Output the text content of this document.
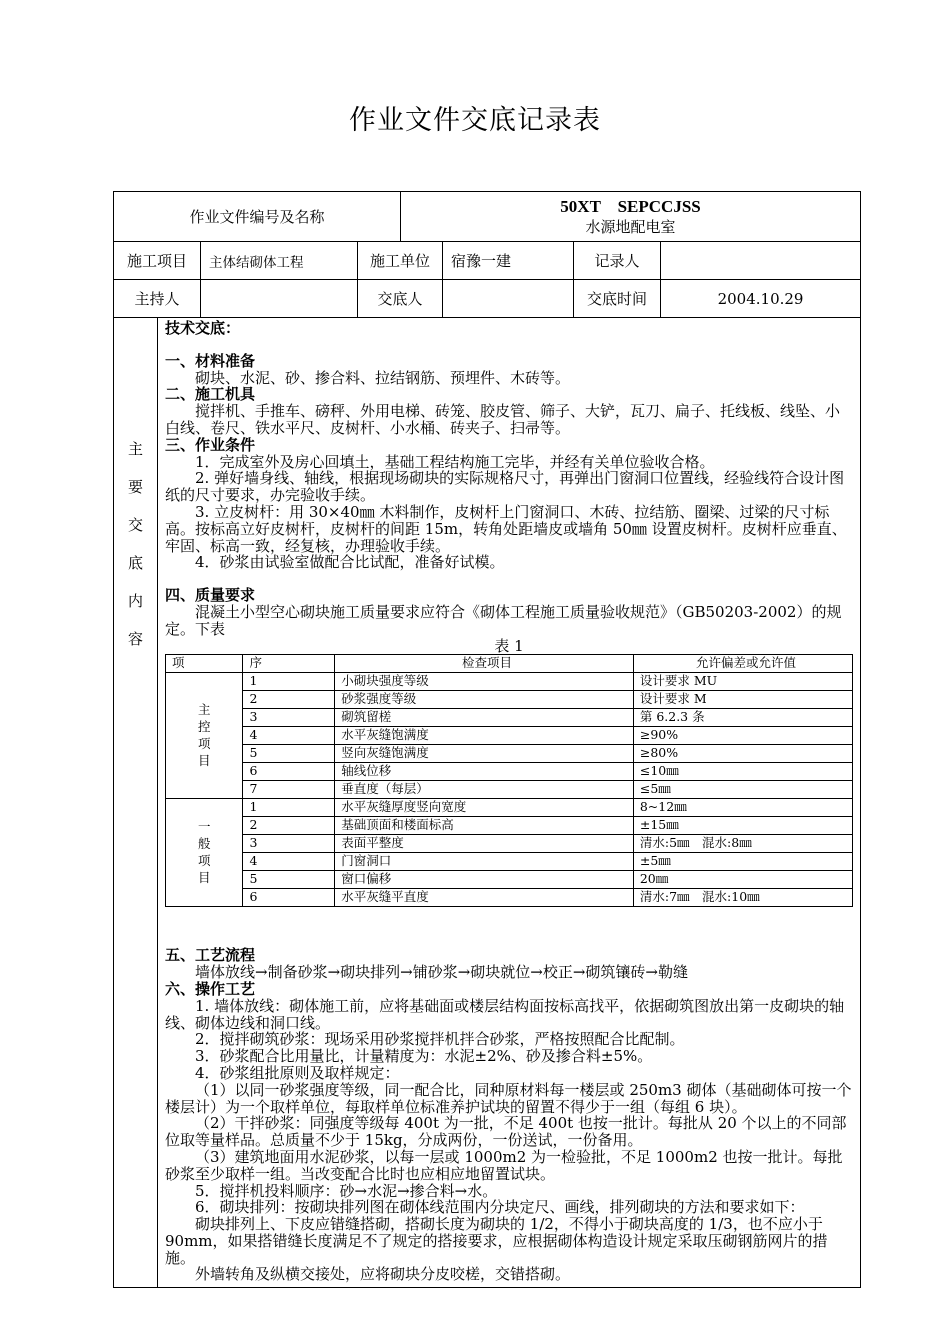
作业文件交底记录表
作业文件编号及名称	
50XT　SEPCCJSS
水源地配电室

施工项目	主体结砌体工程	施工单位	宿豫一建	记录人	
主持人		交底人		交底时间	2004.10.29

主
要
交
底
内
容

技术交底：

一、材料准备

砌块、水泥、砂、掺合料、拉结钢筋、预埋件、木砖等。

二、施工机具

搅拌机、手推车、磅秤、外用电梯、砖笼、胶皮管、筛子、大铲，瓦刀、扁子、托线板、线坠、小白线、卷尺、铁水平尺、皮树杆、小水桶、砖夹子、扫帚等。

三、作业条件

1．完成室外及房心回填土，基础工程结构施工完毕，并经有关单位验收合格。

2. 弹好墙身线、轴线，根据现场砌块的实际规格尺寸，再弹出门窗洞口位置线，经验线符合设计图纸的尺寸要求，办完验收手续。

3. 立皮树杆：用 30×40㎜ 木料制作，皮树杆上门窗洞口、木砖、拉结筋、圈梁、过梁的尺寸标高。按标高立好皮树杆，皮树杆的间距 15m，转角处距墙皮或墙角 50㎜ 设置皮树杆。皮树杆应垂直、牢固、标高一致，经复核，办理验收手续。

4．砂浆由试验室做配合比试配，准备好试模。

四、质量要求

混凝土小型空心砌块施工质量要求应符合《砌体工程施工质量验收规范》（GB50203-2002）的规定。下表

表 1

项	序	检查项目	允许偏差或允许值

主
控
项
目
	1	小砌块强度等级	设计要求 MU
2	砂浆强度等级	设计要求 M
3	砌筑留槎	第 6.2.3 条
4	水平灰缝饱满度	≥90%
5	竖向灰缝饱满度	≥80%
6	轴线位移	≤10㎜
7	垂直度（每层）	≤5㎜

一
般
项
目
	1	水平灰缝厚度竖向宽度	8~12㎜
2	基础顶面和楼面标高	±15㎜
3	表面平整度	清水:5㎜　混水:8㎜
4	门窗洞口	±5㎜
5	窗口偏移	20㎜
6	水平灰缝平直度	清水:7㎜　混水:10㎜

五、工艺流程

墙体放线→制备砂浆→砌块排列→铺砂浆→砌块就位→校正→砌筑镶砖→勒缝

六、操作工艺

1. 墙体放线：砌体施工前，应将基础面或楼层结构面按标高找平，依据砌筑图放出第一皮砌块的轴线、砌体边线和洞口线。

2．搅拌砌筑砂浆：现场采用砂浆搅拌机拌合砂浆，严格按照配合比配制。

3．砂浆配合比用量比，计量精度为：水泥±2%、砂及掺合料±5%。

4．砂浆组批原则及取样规定：

（1）以同一砂浆强度等级，同一配合比，同种原材料每一楼层或 250m3 砌体（基础砌体可按一个楼层计）为一个取样单位，每取样单位标准养护试块的留置不得少于一组（每组 6 块）。

（2）干拌砂浆：同强度等级每 400t 为一批，不足 400t 也按一批计。每批从 20 个以上的不同部位取等量样品。总质量不少于 15kg，分成两份，一份送试，一份备用。

（3）建筑地面用水泥砂浆，以每一层或 1000m2 为一检验批，不足 1000m2 也按一批计。每批砂浆至少取样一组。当改变配合比时也应相应地留置试块。

5．搅拌机投料顺序：砂→水泥→掺合料→水。

6．砌块排列：按砌块排列图在砌体线范围内分块定尺、画线，排列砌块的方法和要求如下：

砌块排列上、下皮应错缝搭砌，搭砌长度为砌块的 1/2，不得小于砌块高度的 1/3，也不应小于 90mm，如果搭错缝长度满足不了规定的搭接要求，应根据砌体构造设计规定采取压砌钢筋网片的措施。

外墙转角及纵横交接处，应将砌块分皮咬槎，交错搭砌。
